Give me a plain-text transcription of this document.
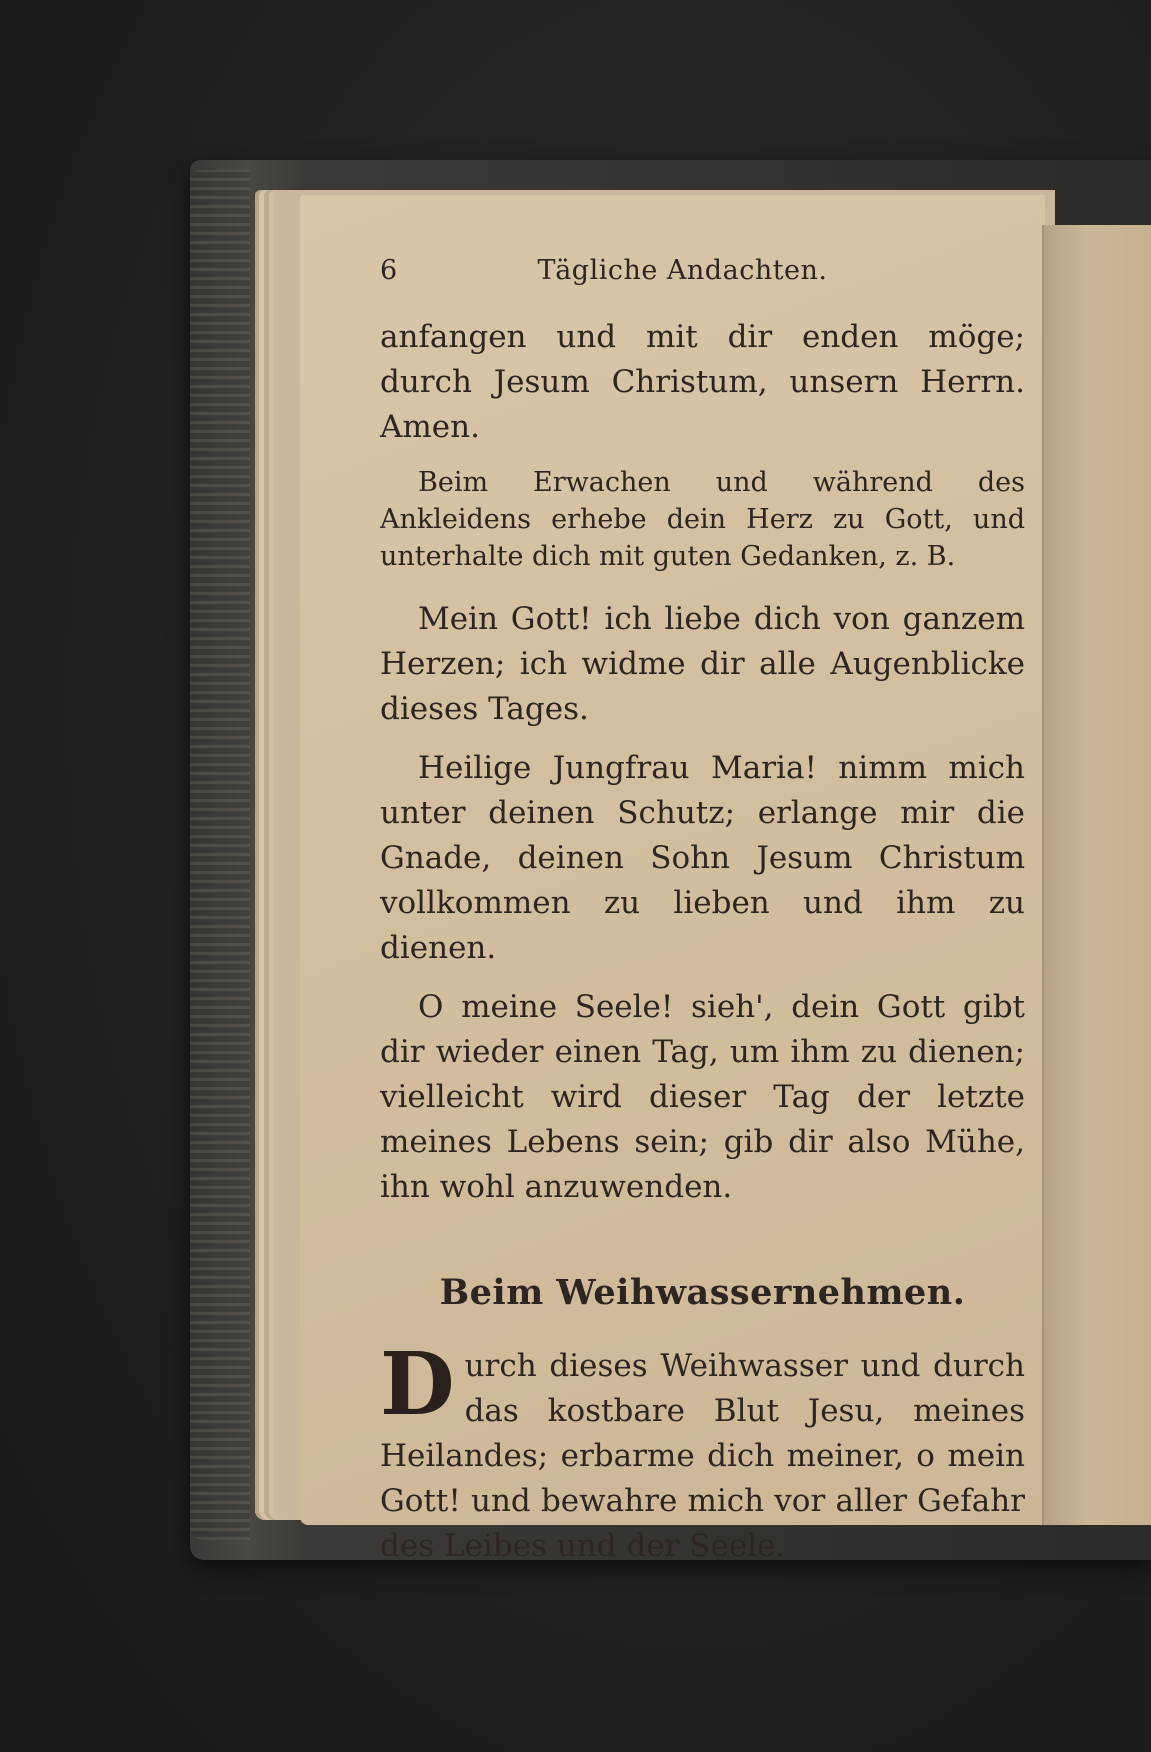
6	Tägliche Andachten.

anfangen und mit dir enden möge; durch Jesum Christum, unsern Herrn. Amen.

Beim Erwachen und während des Ankleidens erhebe dein Herz zu Gott, und unterhalte dich mit guten Gedanken, z. B.

Mein Gott! ich liebe dich von ganzem Herzen; ich widme dir alle Augenblicke dieses Tages.

Heilige Jungfrau Maria! nimm mich unter deinen Schutz; erlange mir die Gnade, deinen Sohn Jesum Christum vollkommen zu lieben und ihm zu dienen.

O meine Seele! sieh', dein Gott gibt dir wieder einen Tag, um ihm zu dienen; vielleicht wird dieser Tag der letzte meines Lebens sein; gib dir also Mühe, ihn wohl anzuwenden.

Beim Weihwassernehmen.

Durch dieses Weihwasser und durch das kostbare Blut Jesu, meines Heilandes; erbarme dich meiner, o mein Gott! und bewahre mich vor aller Gefahr des Leibes und der Seele.
